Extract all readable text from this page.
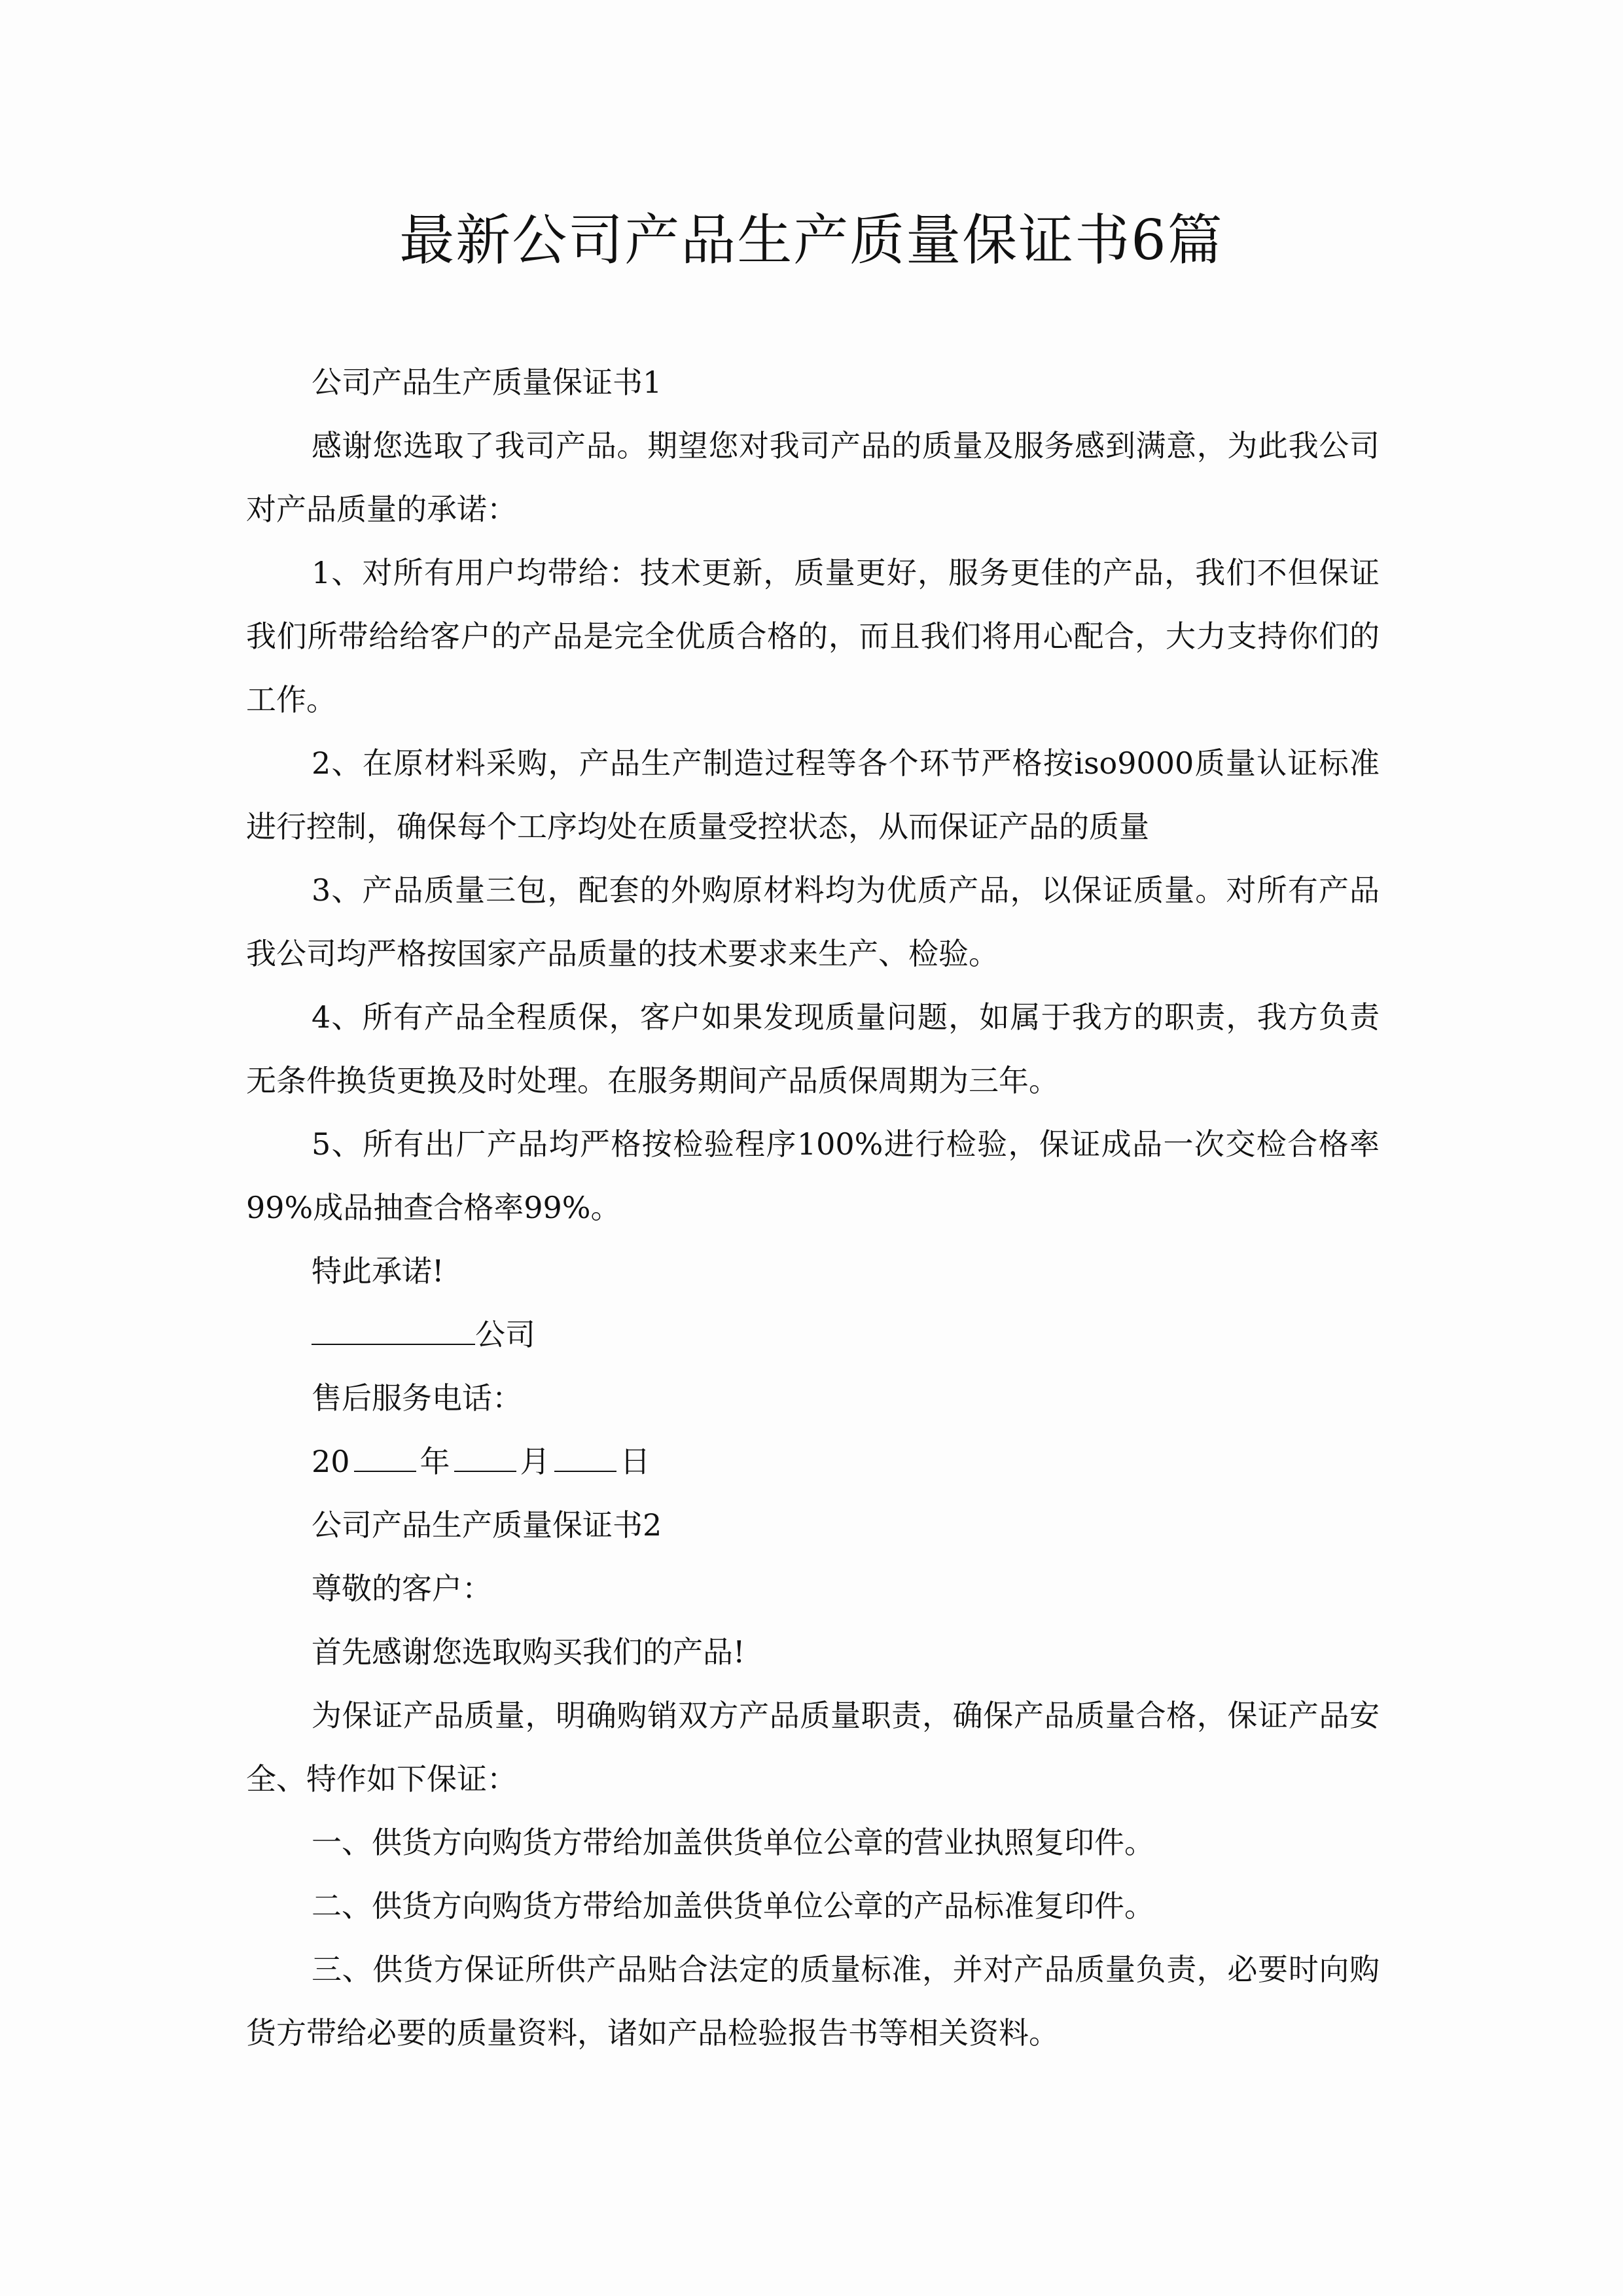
最新公司产品生产质量保证书6篇

公司产品生产质量保证书1

感谢您选取了我司产品。期望您对我司产品的质量及服务感到满意，为此我公司对产品质量的承诺：

1、对所有用户均带给：技术更新，质量更好，服务更佳的产品，我们不但保证我们所带给给客户的产品是完全优质合格的，而且我们将用心配合，大力支持你们的工作。

2、在原材料采购，产品生产制造过程等各个环节严格按iso9000质量认证标准进行控制，确保每个工序均处在质量受控状态，从而保证产品的质量

3、产品质量三包，配套的外购原材料均为优质产品，以保证质量。对所有产品我公司均严格按国家产品质量的技术要求来生产、检验。

4、所有产品全程质保，客户如果发现质量问题，如属于我方的职责，我方负责无条件换货更换及时处理。在服务期间产品质保周期为三年。

5、所有出厂产品均严格按检验程序100%进行检验，保证成品一次交检合格率99%成品抽查合格率99%。

特此承诺!

公司

售后服务电话：

20 年 月 日

公司产品生产质量保证书2

尊敬的客户：

首先感谢您选取购买我们的产品!

为保证产品质量，明确购销双方产品质量职责，确保产品质量合格，保证产品安全、特作如下保证：

一、供货方向购货方带给加盖供货单位公章的营业执照复印件。

二、供货方向购货方带给加盖供货单位公章的产品标准复印件。

三、供货方保证所供产品贴合法定的质量标准，并对产品质量负责，必要时向购货方带给必要的质量资料，诸如产品检验报告书等相关资料。
